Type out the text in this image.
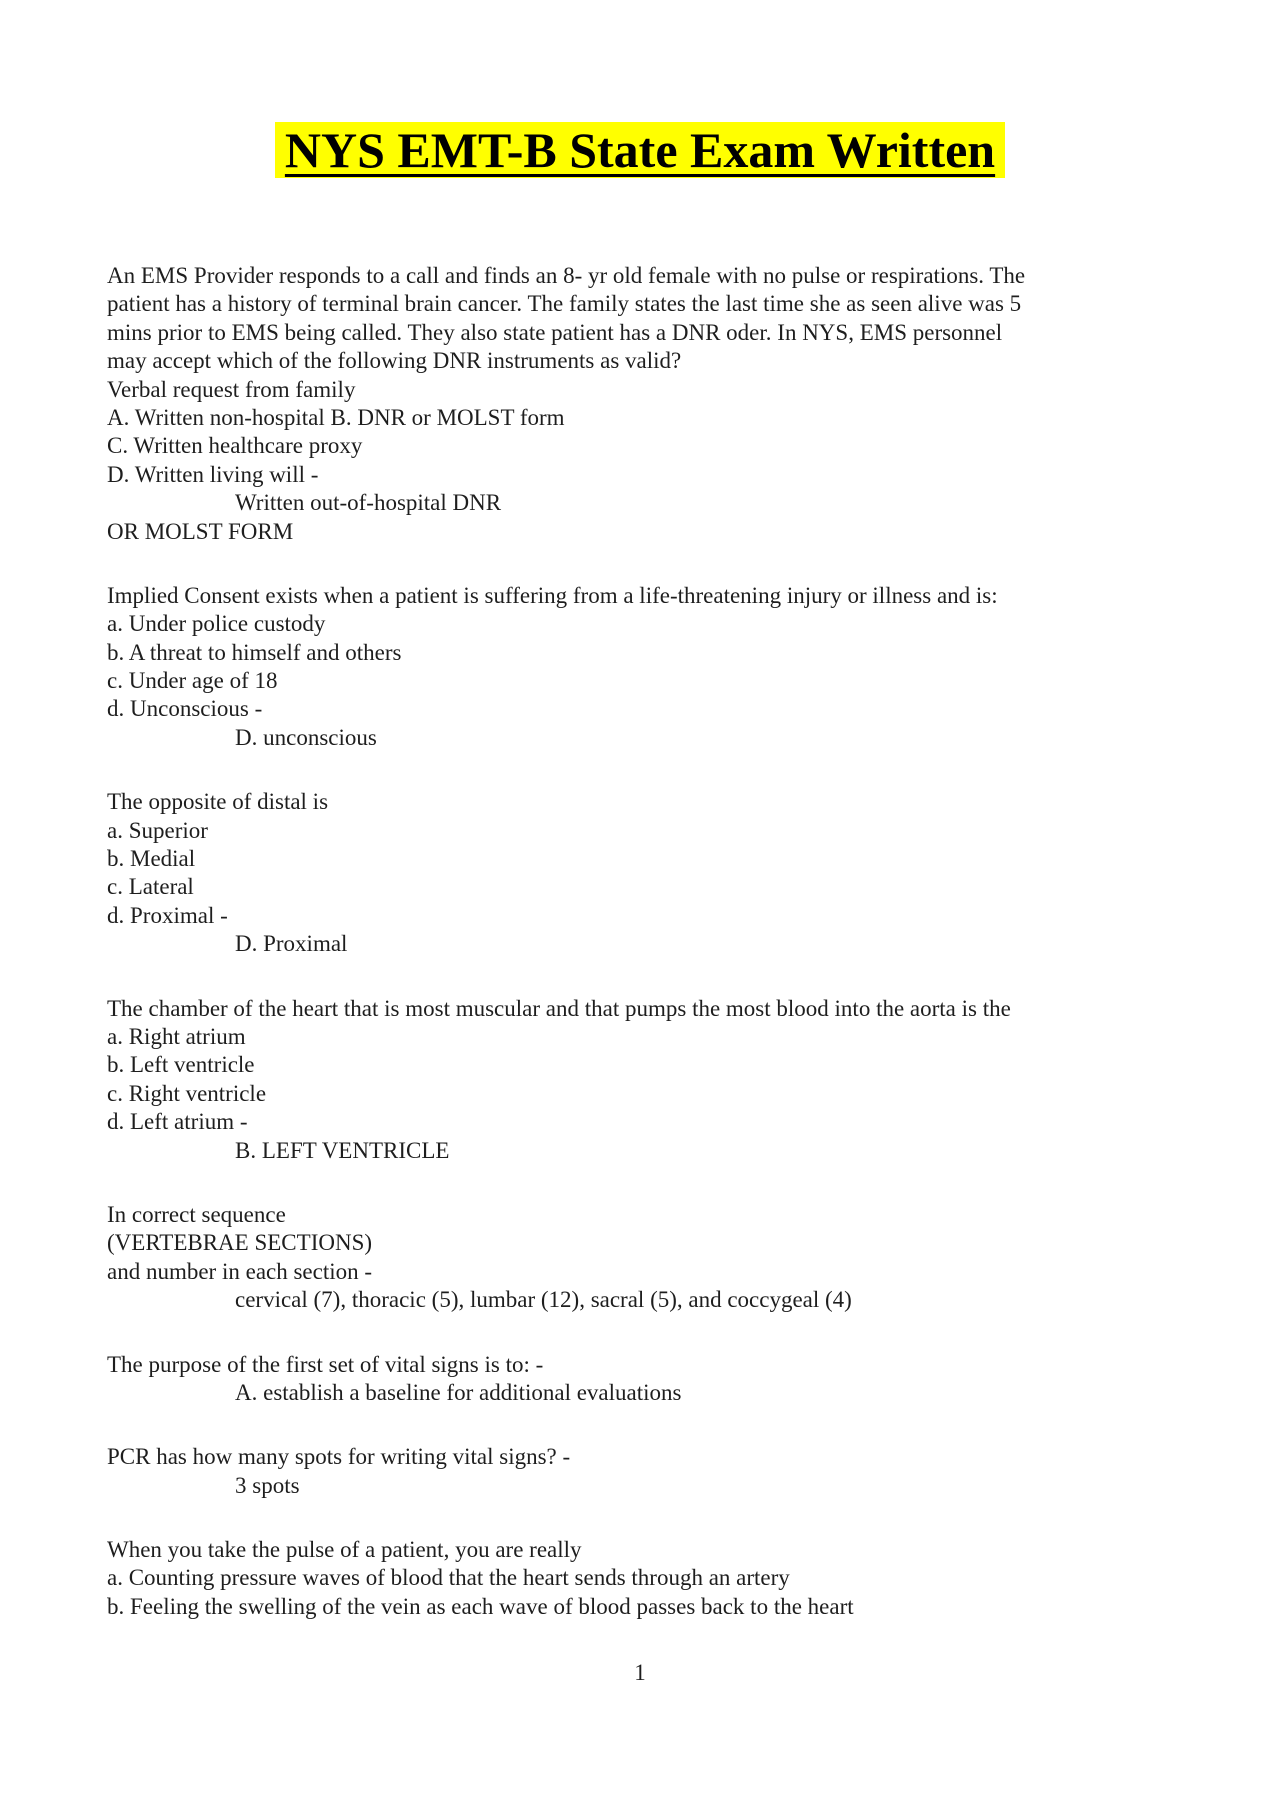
NYS EMT-B State Exam Written
An EMS Provider responds to a call and finds an 8- yr old female with no pulse or respirations. The
patient has a history of terminal brain cancer. The family states the last time she as seen alive was 5
mins prior to EMS being called. They also state patient has a DNR oder. In NYS, EMS personnel
may accept which of the following DNR instruments as valid?
Verbal request from family
A. Written non-hospital B. DNR or MOLST form
C. Written healthcare proxy
D. Written living will -
Written out-of-hospital DNR
OR MOLST FORM
Implied Consent exists when a patient is suffering from a life-threatening injury or illness and is:
a. Under police custody
b. A threat to himself and others
c. Under age of 18
d. Unconscious -
D. unconscious
The opposite of distal is
a. Superior
b. Medial
c. Lateral
d. Proximal -
D. Proximal
The chamber of the heart that is most muscular and that pumps the most blood into the aorta is the
a. Right atrium
b. Left ventricle
c. Right ventricle
d. Left atrium -
B. LEFT VENTRICLE
In correct sequence
(VERTEBRAE SECTIONS)
and number in each section -
cervical (7), thoracic (5), lumbar (12), sacral (5), and coccygeal (4)
The purpose of the first set of vital signs is to: -
A. establish a baseline for additional evaluations
PCR has how many spots for writing vital signs? -
3 spots
When you take the pulse of a patient, you are really
a. Counting pressure waves of blood that the heart sends through an artery
b. Feeling the swelling of the vein as each wave of blood passes back to the heart
1
